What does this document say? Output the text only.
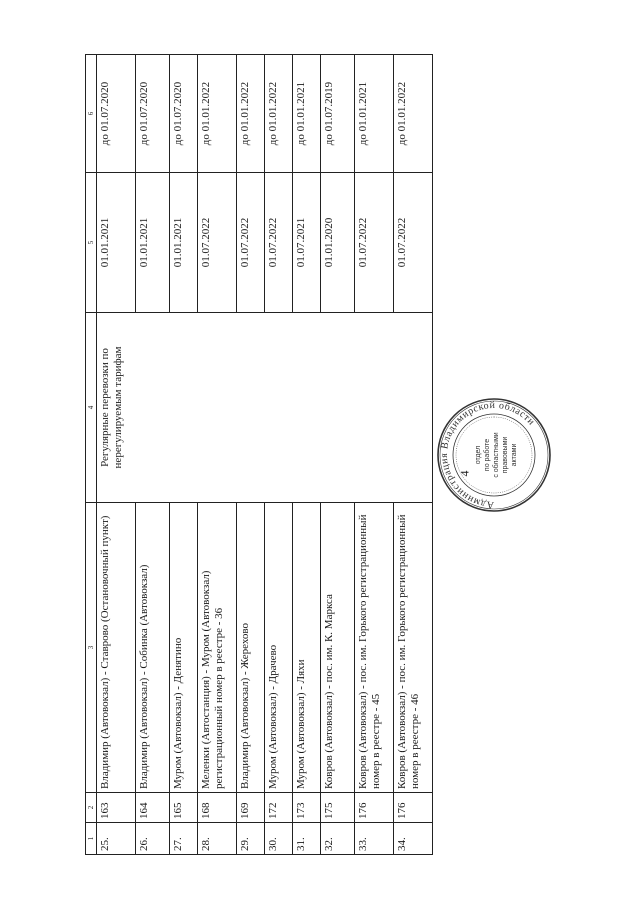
4
1	2	3	4	5	6
25.	163	Владимир (Автовокзал) - Ставрово (Остановочный пункт)	Регулярные перевозки по нерегулируемым тарифам	01.01.2021	до 01.07.2020
26.	164	Владимир (Автовокзал) - Собинка (Автовокзал)		01.01.2021	до 01.07.2020
27.	165	Муром (Автовокзал) - Денятино		01.01.2021	до 01.07.2020
28.	168	Меленки (Автостанция) - Муром (Автовокзал) регистрационный номер в реестре - 36		01.07.2022	до 01.01.2022
29.	169	Владимир (Автовокзал) - Жерехово		01.07.2022	до 01.01.2022
30.	172	Муром (Автовокзал) - Драчево		01.07.2022	до 01.01.2022
31.	173	Муром (Автовокзал) - Ляхи		01.07.2021	до 01.01.2021
32.	175	Ковров (Автовокзал) - пос. им. К. Маркса		01.01.2020	до 01.07.2019
33.	176	Ковров (Автовокзал) - пос. им. Горького регистрационный номер в реестре - 45		01.07.2022	до 01.01.2021
34.	176	Ковров (Автовокзал) - пос. им. Горького регистрационный номер в реестре - 46		01.07.2022	до 01.01.2022
Администрация Владимирской области
отдел по работе с областными правовыми актами
